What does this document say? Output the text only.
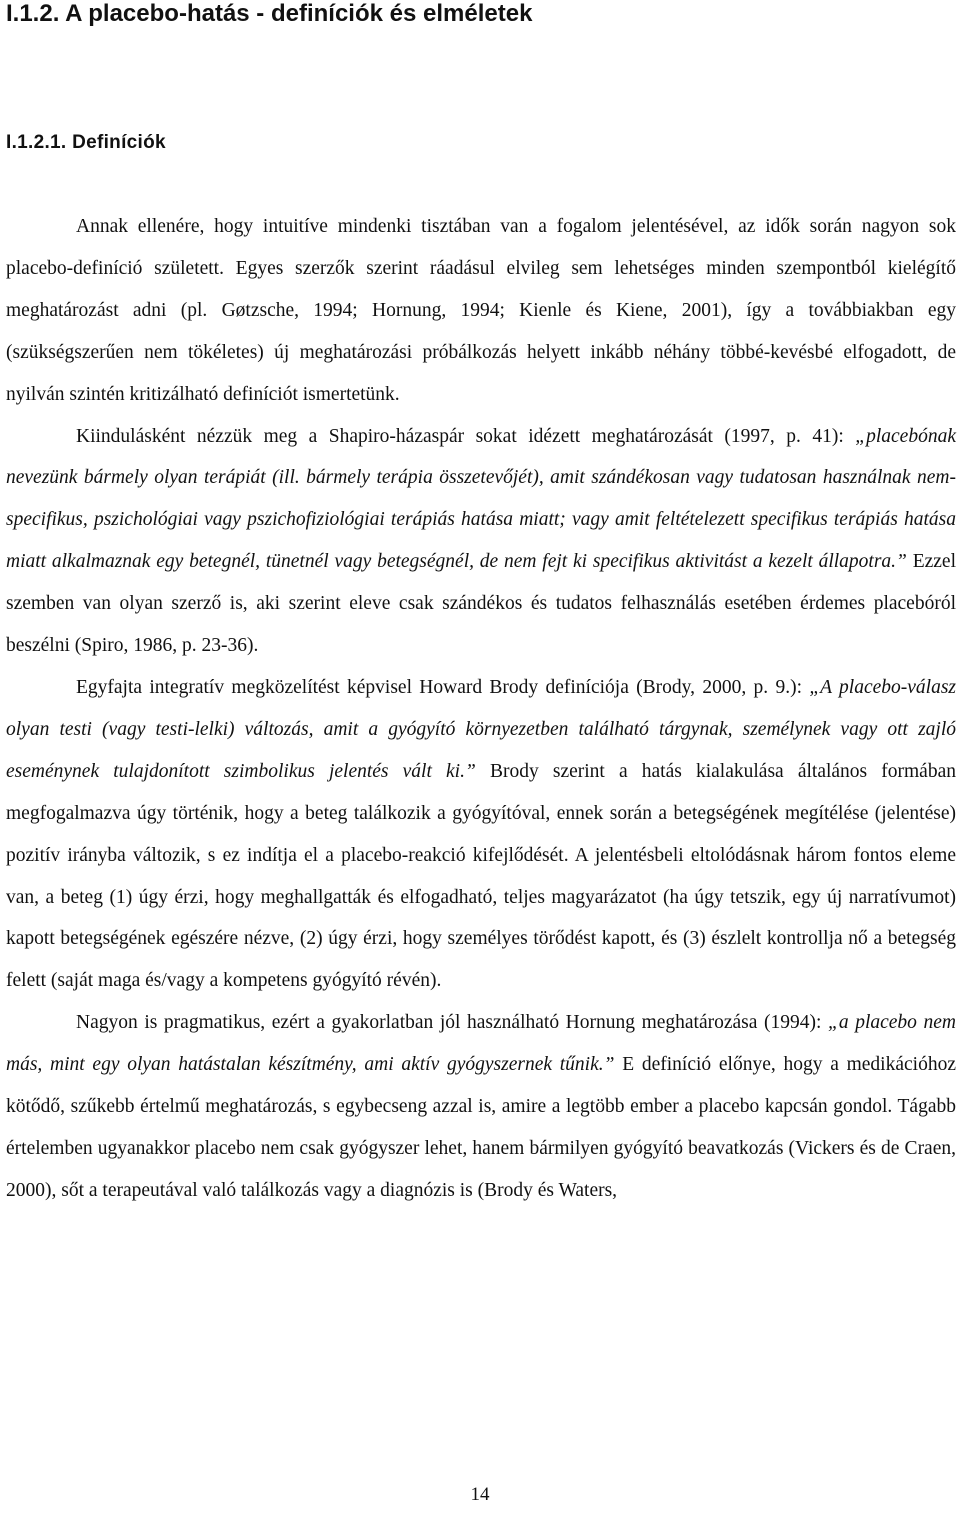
I.1.2. A placebo-hatás - definíciók és elméletek
I.1.2.1. Definíciók

Annak ellenére, hogy intuitíve mindenki tisztában van a fogalom jelentésével, az idők során nagyon sok placebo-definíció született. Egyes szerzők szerint ráadásul elvileg sem lehetséges minden szempontból kielégítő meghatározást adni (pl. Gøtzsche, 1994; Hornung, 1994; Kienle és Kiene, 2001), így a továbbiakban egy (szükségszerűen nem tökéletes) új meghatározási próbálkozás helyett inkább néhány többé-kevésbé elfogadott, de nyilván szintén kritizálható definíciót ismertetünk.

Kiindulásként nézzük meg a Shapiro-házaspár sokat idézett meghatározását (1997, p. 41): „placebónak nevezünk bármely olyan terápiát (ill. bármely terápia összetevőjét), amit szándékosan vagy tudatosan használnak nem-specifikus, pszichológiai vagy pszichofiziológiai terápiás hatása miatt; vagy amit feltételezett specifikus terápiás hatása miatt alkalmaznak egy betegnél, tünetnél vagy betegségnél, de nem fejt ki specifikus aktivitást a kezelt állapotra.” Ezzel szemben van olyan szerző is, aki szerint eleve csak szándékos és tudatos felhasználás esetében érdemes placebóról beszélni (Spiro, 1986, p. 23-36).

Egyfajta integratív megközelítést képvisel Howard Brody definíciója (Brody, 2000, p. 9.): „A placebo-válasz olyan testi (vagy testi-lelki) változás, amit a gyógyító környezetben található tárgynak, személynek vagy ott zajló eseménynek tulajdonított szimbolikus jelentés vált ki.” Brody szerint a hatás kialakulása általános formában megfogalmazva úgy történik, hogy a beteg találkozik a gyógyítóval, ennek során a betegségének megítélése (jelentése) pozitív irányba változik, s ez indítja el a placebo-reakció kifejlődését. A jelentésbeli eltolódásnak három fontos eleme van, a beteg (1) úgy érzi, hogy meghallgatták és elfogadható, teljes magyarázatot (ha úgy tetszik, egy új narratívumot) kapott betegségének egészére nézve, (2) úgy érzi, hogy személyes törődést kapott, és (3) észlelt kontrollja nő a betegség felett (saját maga és/vagy a kompetens gyógyító révén).

Nagyon is pragmatikus, ezért a gyakorlatban jól használható Hornung meghatározása (1994): „a placebo nem más, mint egy olyan hatástalan készítmény, ami aktív gyógyszernek tűnik.” E definíció előnye, hogy a medikációhoz kötődő, szűkebb értelmű meghatározás, s egybecseng azzal is, amire a legtöbb ember a placebo kapcsán gondol. Tágabb értelemben ugyanakkor placebo nem csak gyógyszer lehet, hanem bármilyen gyógyító beavatkozás (Vickers és de Craen, 2000), sőt a terapeutával való találkozás vagy a diagnózis is (Brody és Waters,

14
